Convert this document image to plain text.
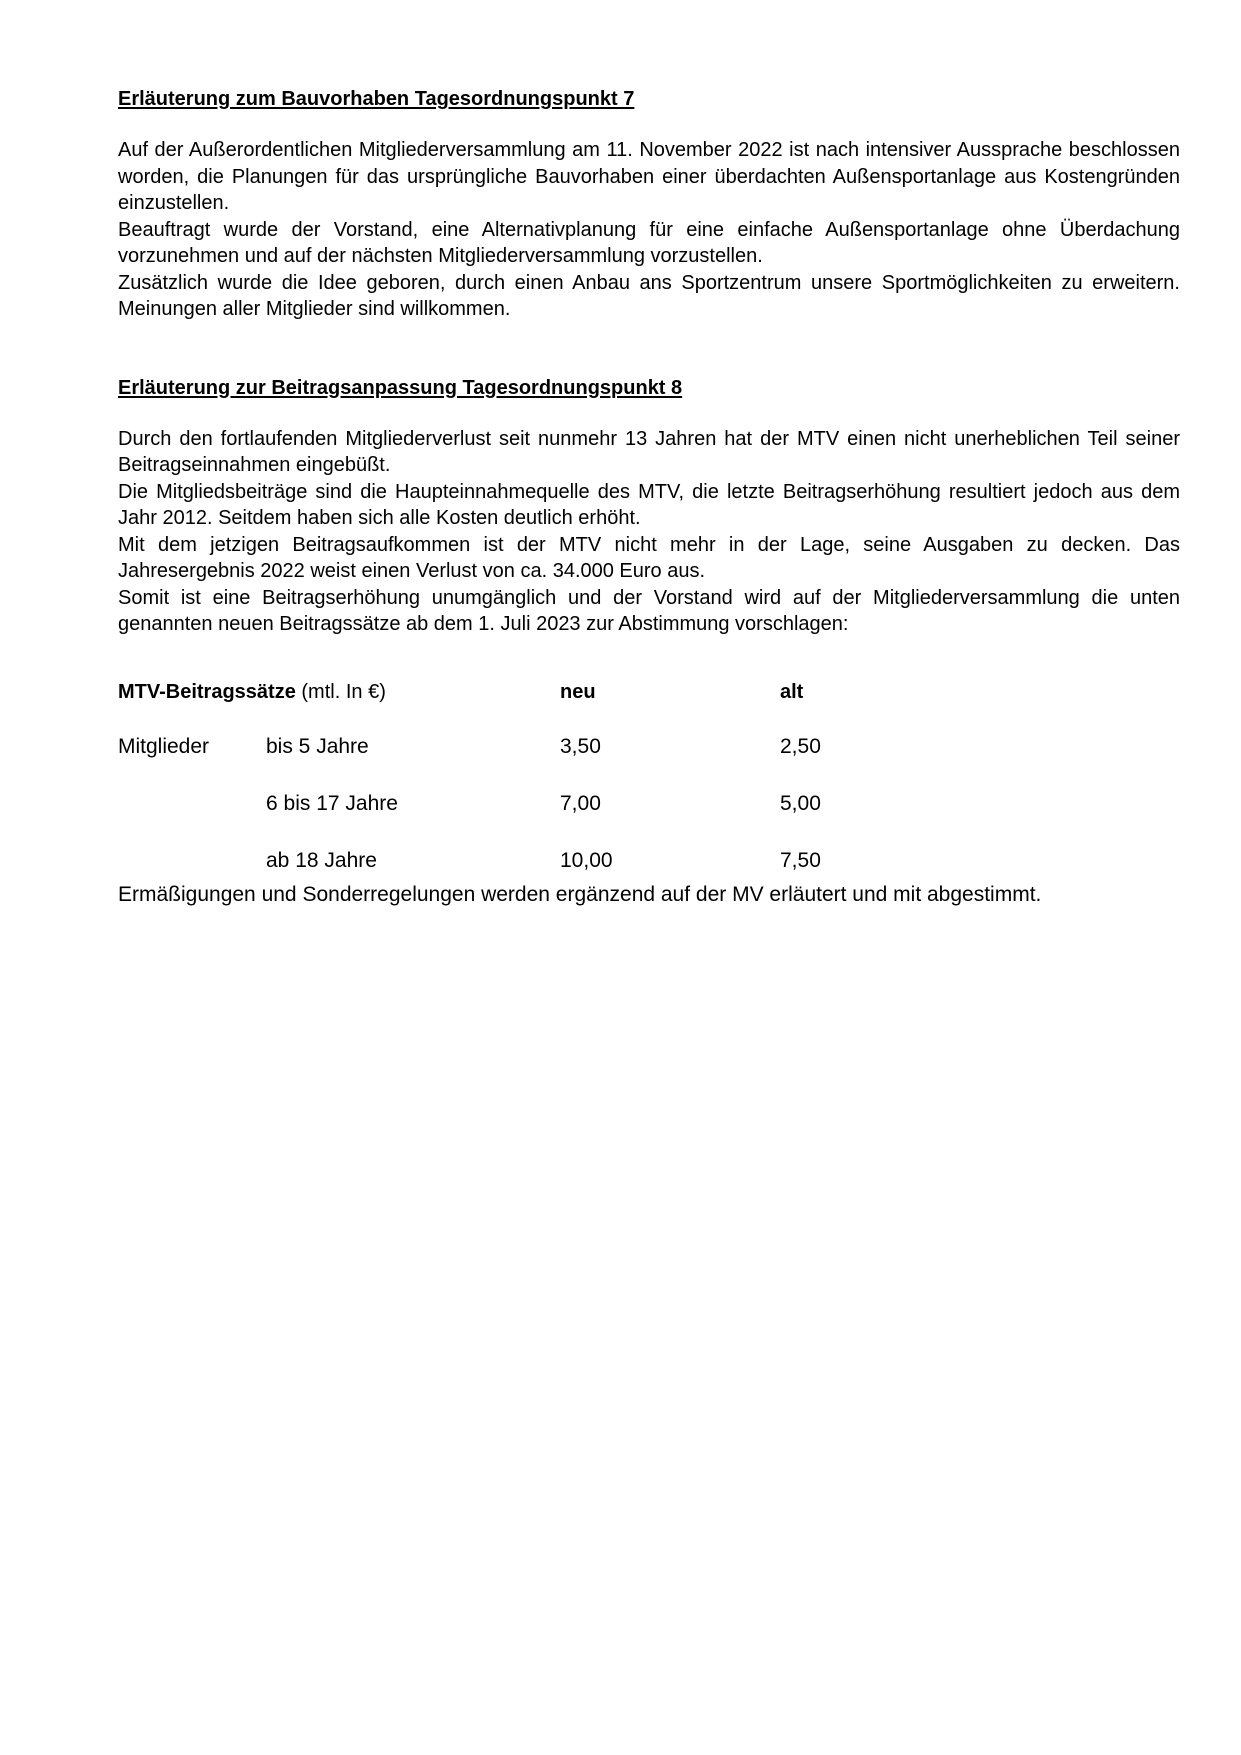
Erläuterung zum Bauvorhaben Tagesordnungspunkt 7

Auf der Außerordentlichen Mitgliederversammlung am 11. November 2022 ist nach intensiver Aussprache beschlossen worden, die Planungen für das ursprüngliche Bauvorhaben einer überdachten Außensportanlage aus Kostengründen einzustellen.

Beauftragt wurde der Vorstand, eine Alternativplanung für eine einfache Außensportanlage ohne Überdachung vorzunehmen und auf der nächsten Mitgliederversammlung vorzustellen.

Zusätzlich wurde die Idee geboren, durch einen Anbau ans Sportzentrum unsere Sportmöglichkeiten zu erweitern. Meinungen aller Mitglieder sind willkommen.

Erläuterung zur Beitragsanpassung Tagesordnungspunkt 8

Durch den fortlaufenden Mitgliederverlust seit nunmehr 13 Jahren hat der MTV einen nicht unerheblichen Teil seiner Beitragseinnahmen eingebüßt.

Die Mitgliedsbeiträge sind die Haupteinnahmequelle des MTV, die letzte Beitragserhöhung resultiert jedoch aus dem Jahr 2012. Seitdem haben sich alle Kosten deutlich erhöht.

Mit dem jetzigen Beitragsaufkommen ist der MTV nicht mehr in der Lage, seine Ausgaben zu decken. Das Jahresergebnis 2022 weist einen Verlust von ca. 34.000 Euro aus.

Somit ist eine Beitragserhöhung unumgänglich und der Vorstand wird auf der Mitgliederversammlung die unten genannten neuen Beitragssätze ab dem 1. Juli 2023 zur Abstimmung vorschlagen:

MTV-Beitragssätze (mtl. In €)	neu	alt
Mitglieder	bis 5 Jahre	3,50	2,50
6 bis 17 Jahre	7,00	5,00
ab 18 Jahre	10,00	7,50

Ermäßigungen und Sonderregelungen werden ergänzend auf der MV erläutert und mit abgestimmt.
